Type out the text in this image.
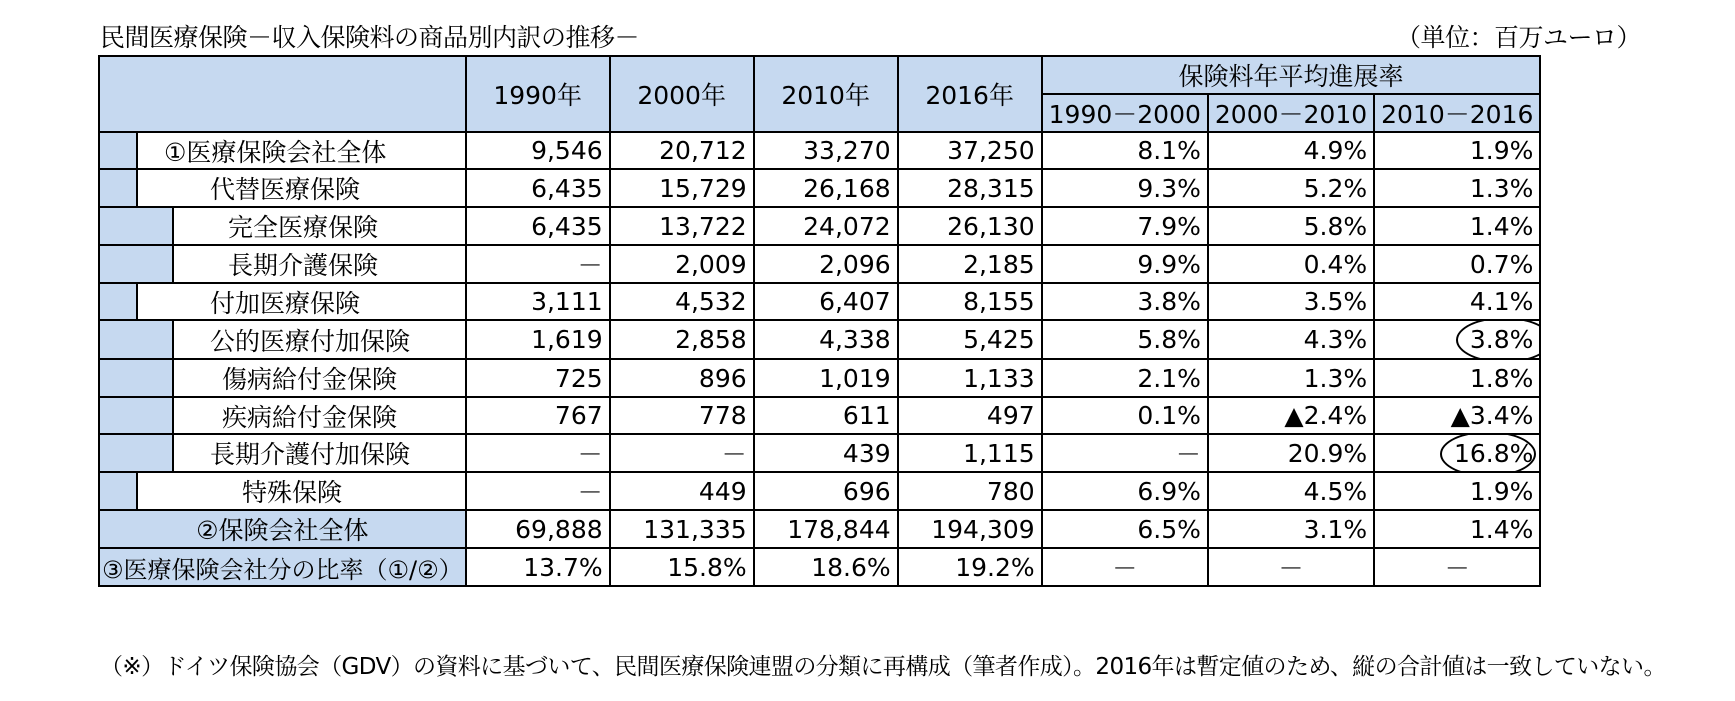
民間医療保険－収入保険料の商品別内訳の推移－	（単位：百万ユーロ）
	1990年	2000年	2010年	2016年	保険料年平均進展率		
					1990－2000	2000－2010	2010－2016

①医療保険会社全体	9,546	20,712	33,270	37,250	8.1%	4.9%	1.9%

代替医療保険	6,435	15,729	26,168	28,315	9.3%	5.2%	1.3%

完全医療保険	6,435	13,722	24,072	26,130	7.9%	5.8%	1.4%

長期介護保険	－	2,009	2,096	2,185	9.9%	0.4%	0.7%

付加医療保険	3,111	4,532	6,407	8,155	3.8%	3.5%	4.1%

公的医療付加保険	1,619	2,858	4,338	5,425	5.8%	4.3%	3.8%

傷病給付金保険	725	896	1,019	1,133	2.1%	1.3%	1.8%

疾病給付金保険	767	778	611	497	0.1%	▲2.4%	▲3.4%

長期介護付加保険	－	－	439	1,115	－	20.9%	16.8%

特殊保険	－	449	696	780	6.9%	4.5%	1.9%
②保険会社全体	69,888	131,335	178,844	194,309	6.5%	3.1%	1.4%
③医療保険会社分の比率（①/②）	13.7%	15.8%	18.6%	19.2%	－	－	－
（※）ドイツ保険協会（GDV）の資料に基づいて、民間医療保険連盟の分類に再構成（筆者作成）。2016年は暫定値のため、縦の合計値は一致していない。
